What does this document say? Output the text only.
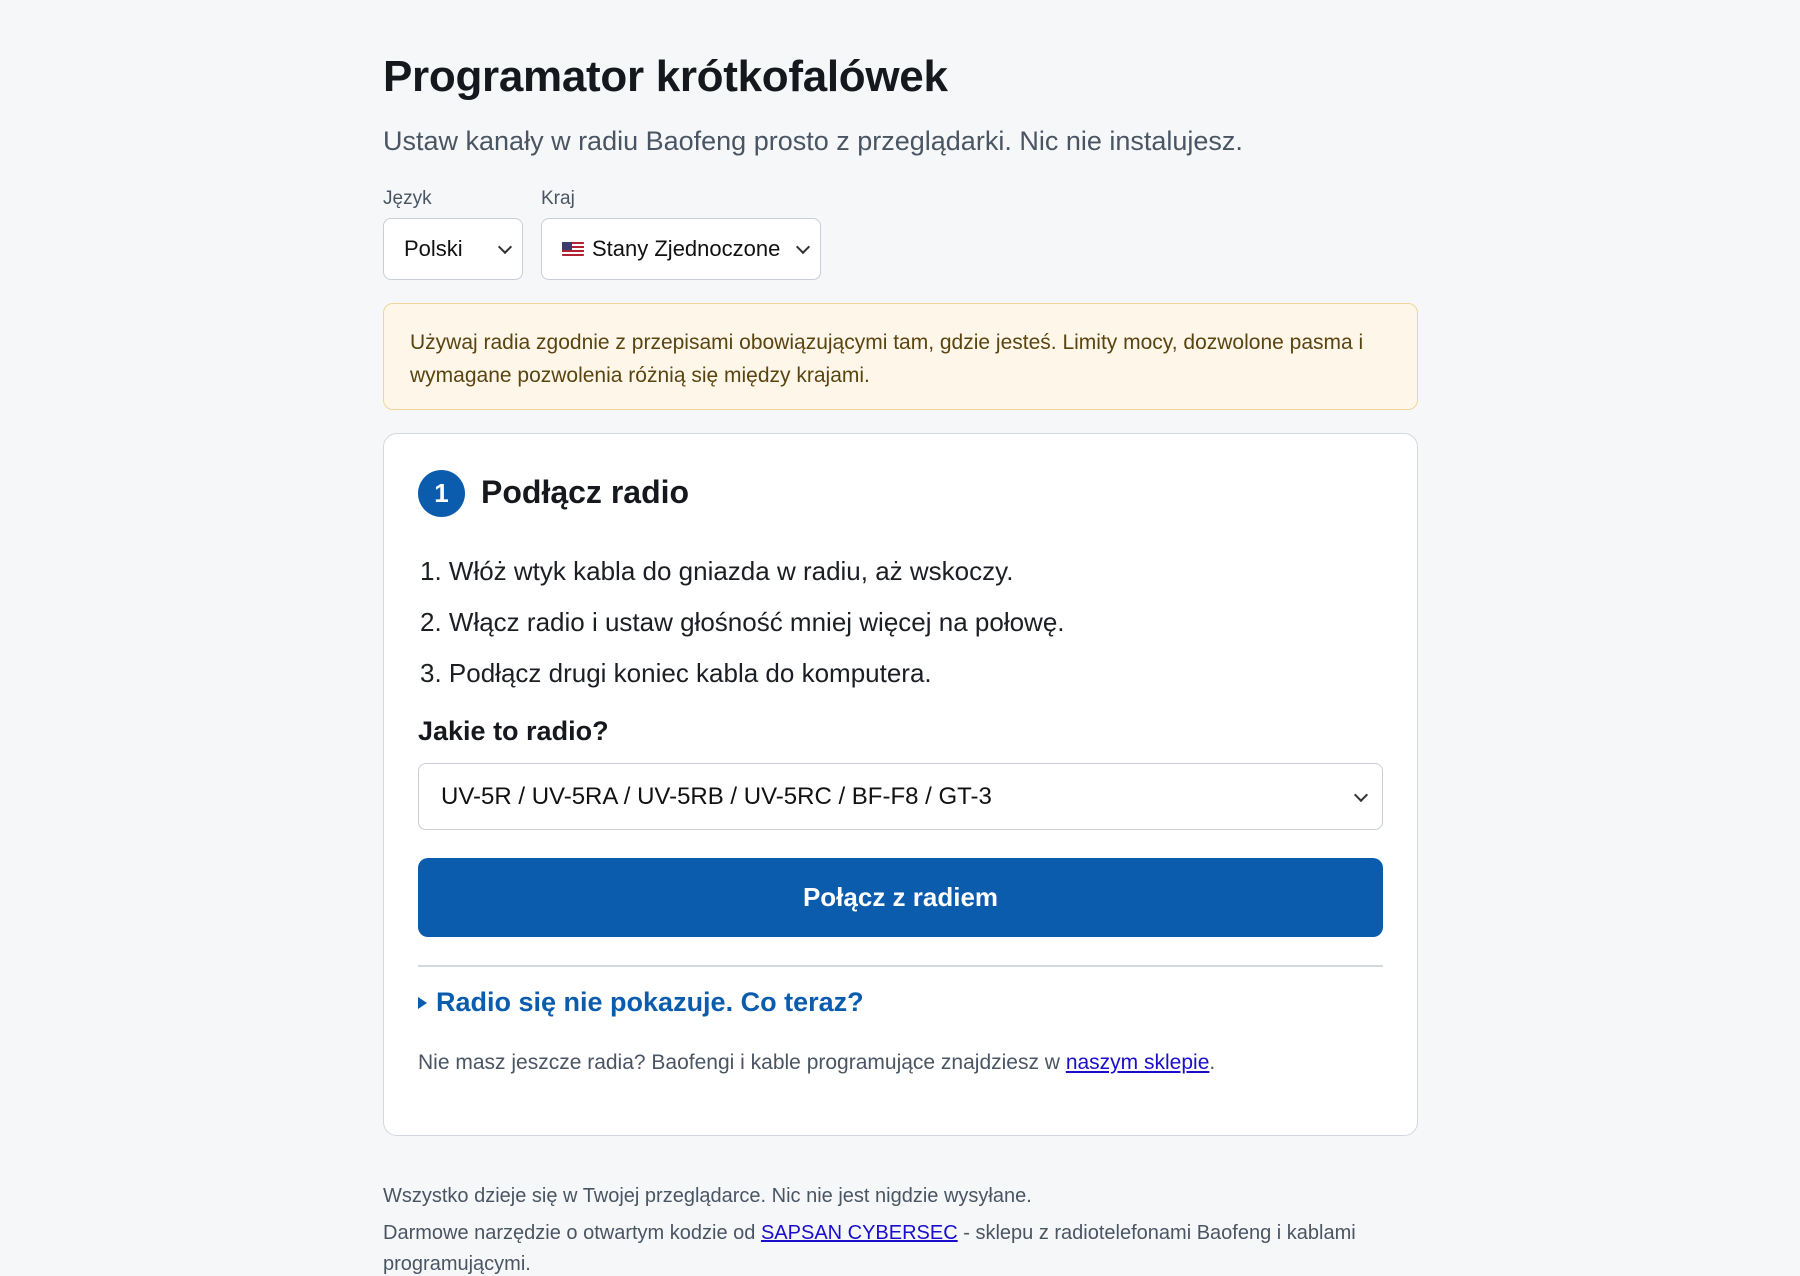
Programator krótkofalówek

Ustaw kanały w radiu Baofeng prosto z przeglądarki. Nic nie instalujesz.

Język
Polski
Kraj
Stany Zjednoczone
Używaj radia zgodnie z przepisami obowiązującymi tam, gdzie jesteś. Limity mocy, dozwolone pasma i wymagane pozwolenia różnią się między krajami.
1	Podłącz radio
1. Włóż wtyk kabla do gniazda w radiu, aż wskoczy.
2. Włącz radio i ustaw głośność mniej więcej na połowę.
3. Podłącz drugi koniec kabla do komputera.
Jakie to radio?
UV-5R / UV-5RA / UV-5RB / UV-5RC / BF-F8 / GT-3
Połącz z radiem
Radio się nie pokazuje. Co teraz?

Nie masz jeszcze radia? Baofengi i kable programujące znajdziesz w naszym sklepie.

Wszystko dzieje się w Twojej przeglądarce. Nic nie jest nigdzie wysyłane.

Darmowe narzędzie o otwartym kodzie od SAPSAN CYBERSEC - sklepu z radiotelefonami Baofeng i kablami

programującymi.
